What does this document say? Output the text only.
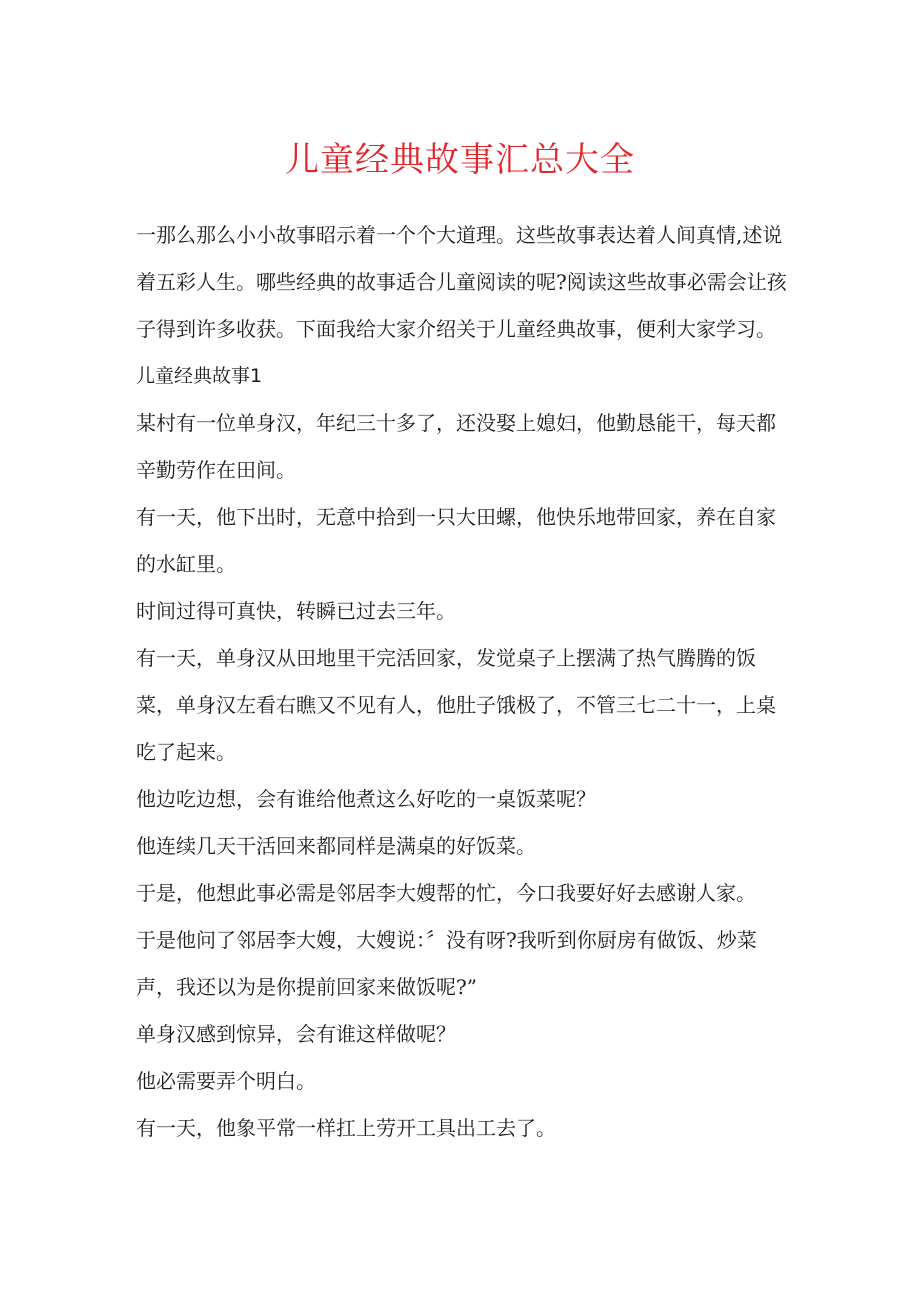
儿童经典故事汇总大全

一那么那么小小故事昭示着一个个大道理。这些故事表达着人间真情,述说
着五彩人生。哪些经典的故事适合儿童阅读的呢?阅读这些故事必需会让孩
子得到许多收获。下面我给大家介绍关于儿童经典故事，便利大家学习。

儿童经典故事1

某村有一位单身汉，年纪三十多了，还没娶上媳妇，他勤恳能干，每天都
辛勤劳作在田间。

有一天，他下出时，无意中拾到一只大田螺，他快乐地带回家，养在自家
的水缸里。

时间过得可真快，转瞬已过去三年。

有一天，单身汉从田地里干完活回家，发觉桌子上摆满了热气腾腾的饭
菜，单身汉左看右瞧又不见有人，他肚子饿极了，不管三七二十一，上桌
吃了起来。

他边吃边想，会有谁给他煮这么好吃的一桌饭菜呢？

他连续几天干活回来都同样是满桌的好饭菜。

于是，他想此事必需是邻居李大嫂帮的忙，今口我要好好去感谢人家。

于是他问了邻居李大嫂，大嫂说：〞没有呀?我听到你厨房有做饭、炒菜
声，我还以为是你提前回家来做饭呢?”

单身汉感到惊异，会有谁这样做呢？

他必需要弄个明白。

有一天，他象平常一样扛上劳开工具出工去了。
